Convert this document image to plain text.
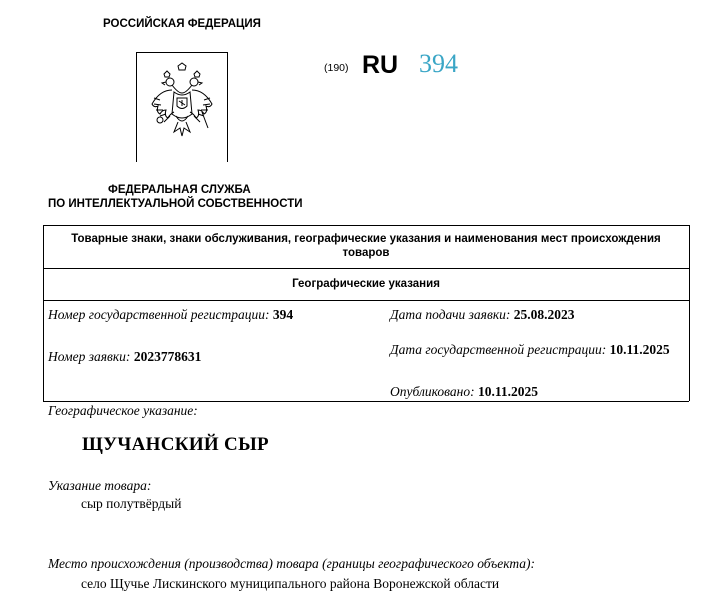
РОССИЙСКАЯ ФЕДЕРАЦИЯ
ФЕДЕРАЛЬНАЯ СЛУЖБА
ПО ИНТЕЛЛЕКТУАЛЬНОЙ СОБСТВЕННОСТИ
(190) RU 394
Товарные знаки, знаки обслуживания, географические указания и наименования мест происхождения товаров
Географические указания
Номер государственной регистрации: 394
Номер заявки: 2023778631
Дата подачи заявки: 25.08.2023
Дата государственной регистрации: 10.11.2025
Опубликовано: 10.11.2025
Географическое указание:
ЩУЧАНСКИЙ СЫР
Указание товара:
сыр полутвёрдый
Место происхождения (производства) товара (границы географического объекта):
село Щучье Лискинского муниципального района Воронежской области
